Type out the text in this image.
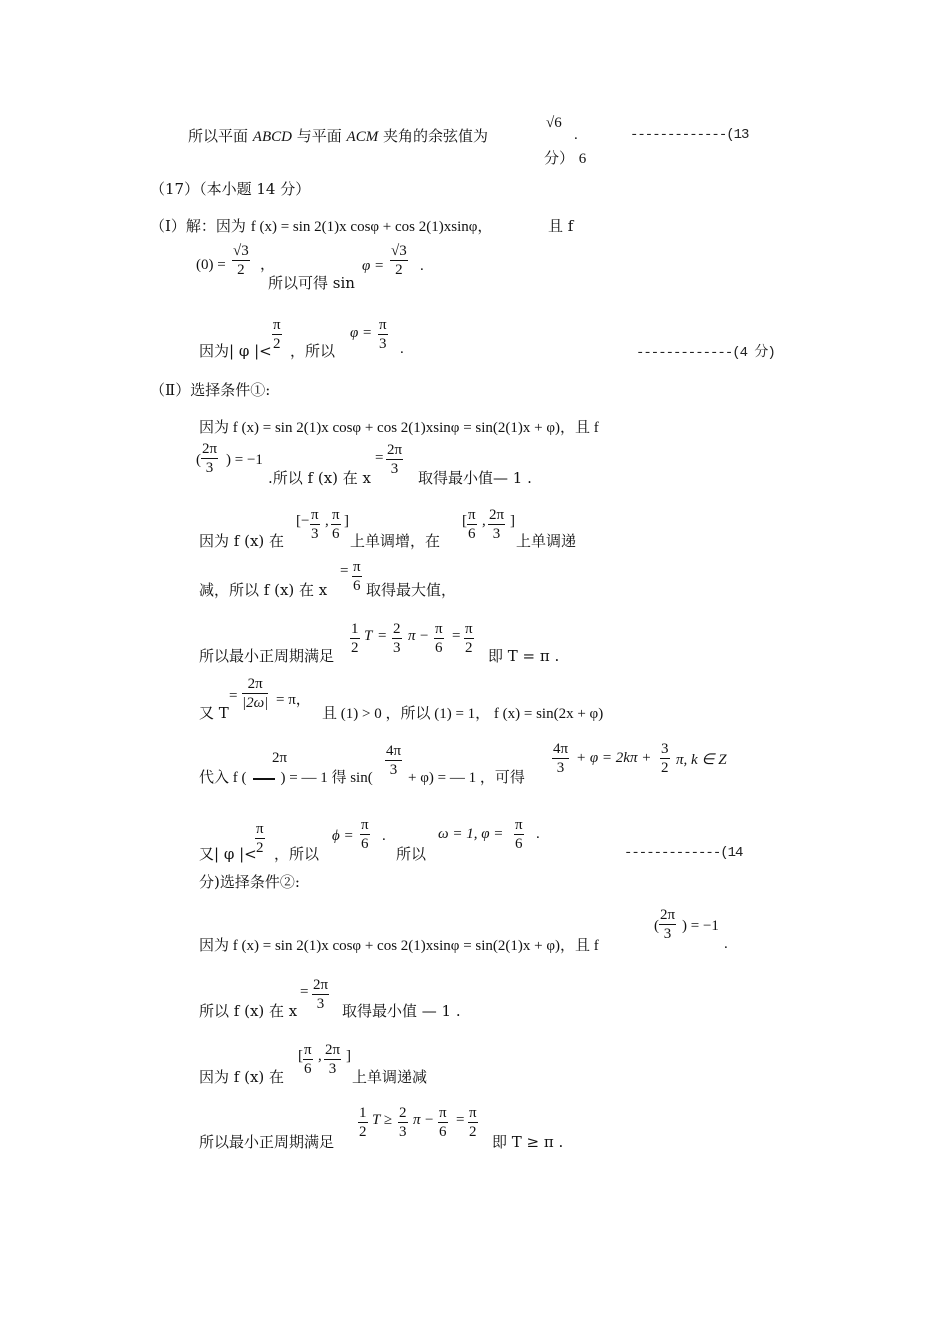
所以平面 ABCD 与平面 ACM 夹角的余弦值为
√6
.	-------------(13
分） 6
（17）（本小题 14 分）
（Ⅰ）解：因为 f (x) = sin 2(1)x cosφ + cos 2(1)xsinφ，	且 f
$(0) = \frac{√3}{2}$ ，
所以可得 sin
$\varphi = \frac{√3}{2}$ .
因为| φ |< $\frac{\pi}{2}$ ，所以
$\varphi = \frac{\pi}{3}$ .	-------------(4 分)
（Ⅱ）选择条件①:
因为 f (x) = sin 2(1)x cosφ + cos 2(1)xsinφ = sin(2(1)x + φ)，且 f
( $\frac{2\pi}{3}$ ) = −1
.所以 f (x) 在 x $\frac{2\pi}{3}$
=
取得最小值— 1 .
因为 f (x) 在
[− $\frac{\pi}{3}$ , $\frac{\pi}{6}$ ]
上单调增，在
[ $\frac{\pi}{6}$ , $\frac{2\pi}{3}$ ]
上单调递
减，所以 f (x) 在 x
= $\frac{\pi}{6}$ 取得最大值，
所以最小正周期满足 $\frac{1}{2}$ $T = \frac{2}{3}$ $\pi - \frac{\pi}{6} = \frac{\pi}{2}$ 即 T = π .
又 T
= $\frac{2\pi}{|2\omega|} = \pi$，
且 (1) > 0 ，所以 (1) = 1， f (x) = sin(2x + φ)
2π
代入 f ( ) = — 1 得 $\sin( \frac{4\pi}{3} + \varphi)$ = — 1 ，可得
$\frac{4\pi}{3} + \varphi = 2k\pi + \frac{3}{2} \pi$, k ∈ Z
又| φ |<
$\frac{\pi}{2}$ ，所以
$\phi = \frac{\pi}{6}$ .
所以
ω = 1, $\varphi = \frac{\pi}{6}$ .
-------------(14
分)选择条件②:
因为 f (x) = sin 2(1)x cosφ + cos 2(1)xsinφ = sin(2(1)x + φ)，且 f
( $\frac{2\pi}{3}$ ) = −1
.
所以 f (x) 在 x
= $\frac{2\pi}{3}$ 取得最小值 — 1 .
因为 f (x) 在
[ $\frac{\pi}{6}$ , $\frac{2\pi}{3}$ ]
上单调递减
所以最小正周期满足
$\frac{1}{2}$ $T \ge \frac{2}{3}$ $\pi - \frac{\pi}{6} = \frac{\pi}{2}$
即 T ≥ π .
